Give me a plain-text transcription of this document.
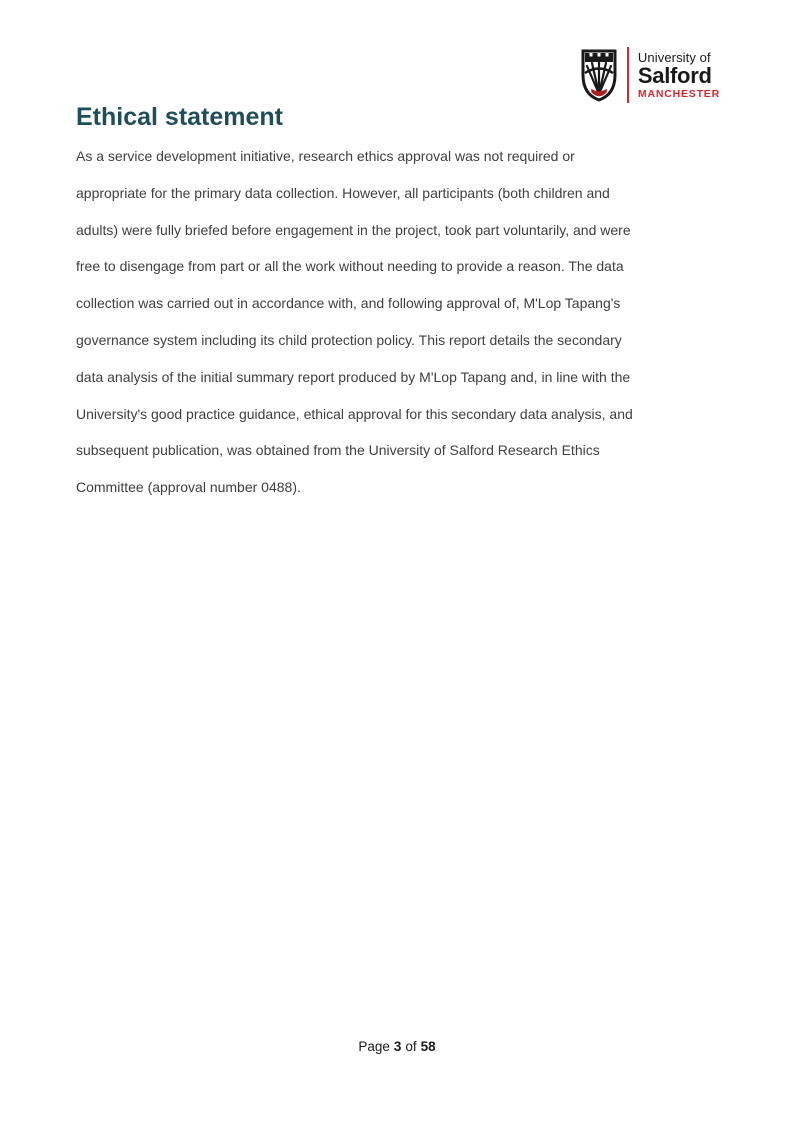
University of
Salford
MANCHESTER
Ethical statement
As a service development initiative, research ethics approval was not required or
appropriate for the primary data collection. However, all participants (both children and
adults) were fully briefed before engagement in the project, took part voluntarily, and were
free to disengage from part or all the work without needing to provide a reason. The data
collection was carried out in accordance with, and following approval of, M'Lop Tapang's
governance system including its child protection policy. This report details the secondary
data analysis of the initial summary report produced by M'Lop Tapang and, in line with the
University's good practice guidance, ethical approval for this secondary data analysis, and
subsequent publication, was obtained from the University of Salford Research Ethics
Committee (approval number 0488).
Page 3 of 58
